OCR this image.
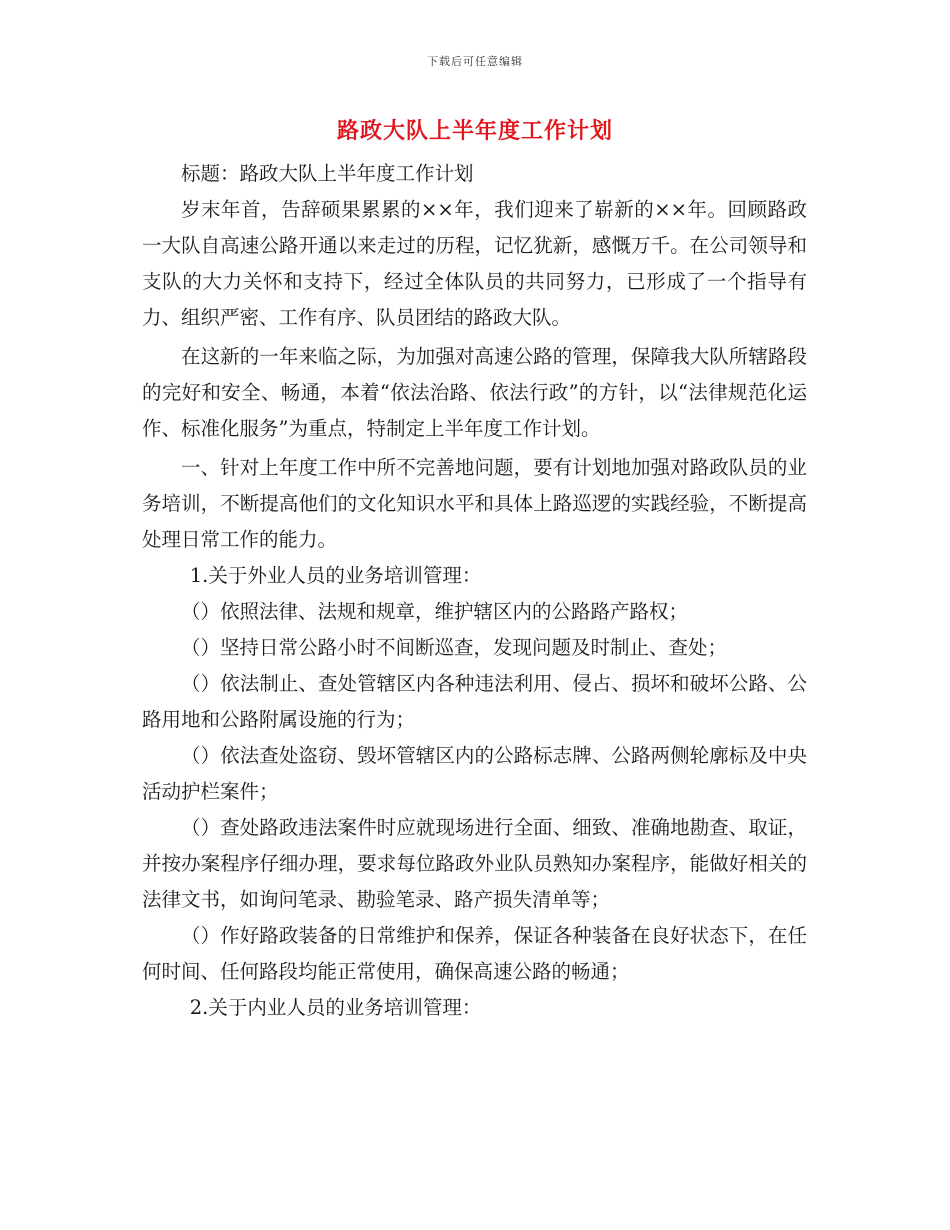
下载后可任意编辑
路政大队上半年度工作计划

标题：路政大队上半年度工作计划

岁末年首，告辞硕果累累的××年，我们迎来了崭新的××年。回顾路政一大队自高速公路开通以来走过的历程，记忆犹新，感慨万千。在公司领导和支队的大力关怀和支持下，经过全体队员的共同努力，已形成了一个指导有力、组织严密、工作有序、队员团结的路政大队。

在这新的一年来临之际，为加强对高速公路的管理，保障我大队所辖路段的完好和安全、畅通，本着“依法治路、依法行政”的方针，以“法律规范化运作、标准化服务”为重点，特制定上半年度工作计划。

一、针对上年度工作中所不完善地问题，要有计划地加强对路政队员的业务培训，不断提高他们的文化知识水平和具体上路巡逻的实践经验，不断提高处理日常工作的能力。

1.关于外业人员的业务培训管理：

（）依照法律、法规和规章，维护辖区内的公路路产路权；

（）坚持日常公路小时不间断巡查，发现问题及时制止、查处；

（）依法制止、查处管辖区内各种违法利用、侵占、损坏和破坏公路、公路用地和公路附属设施的行为；

（）依法查处盗窃、毁坏管辖区内的公路标志牌、公路两侧轮廓标及中央活动护栏案件；

（）查处路政违法案件时应就现场进行全面、细致、准确地勘查、取证，并按办案程序仔细办理，要求每位路政外业队员熟知办案程序，能做好相关的法律文书，如询问笔录、勘验笔录、路产损失清单等；

（）作好路政装备的日常维护和保养，保证各种装备在良好状态下，在任何时间、任何路段均能正常使用，确保高速公路的畅通；

2.关于内业人员的业务培训管理：
